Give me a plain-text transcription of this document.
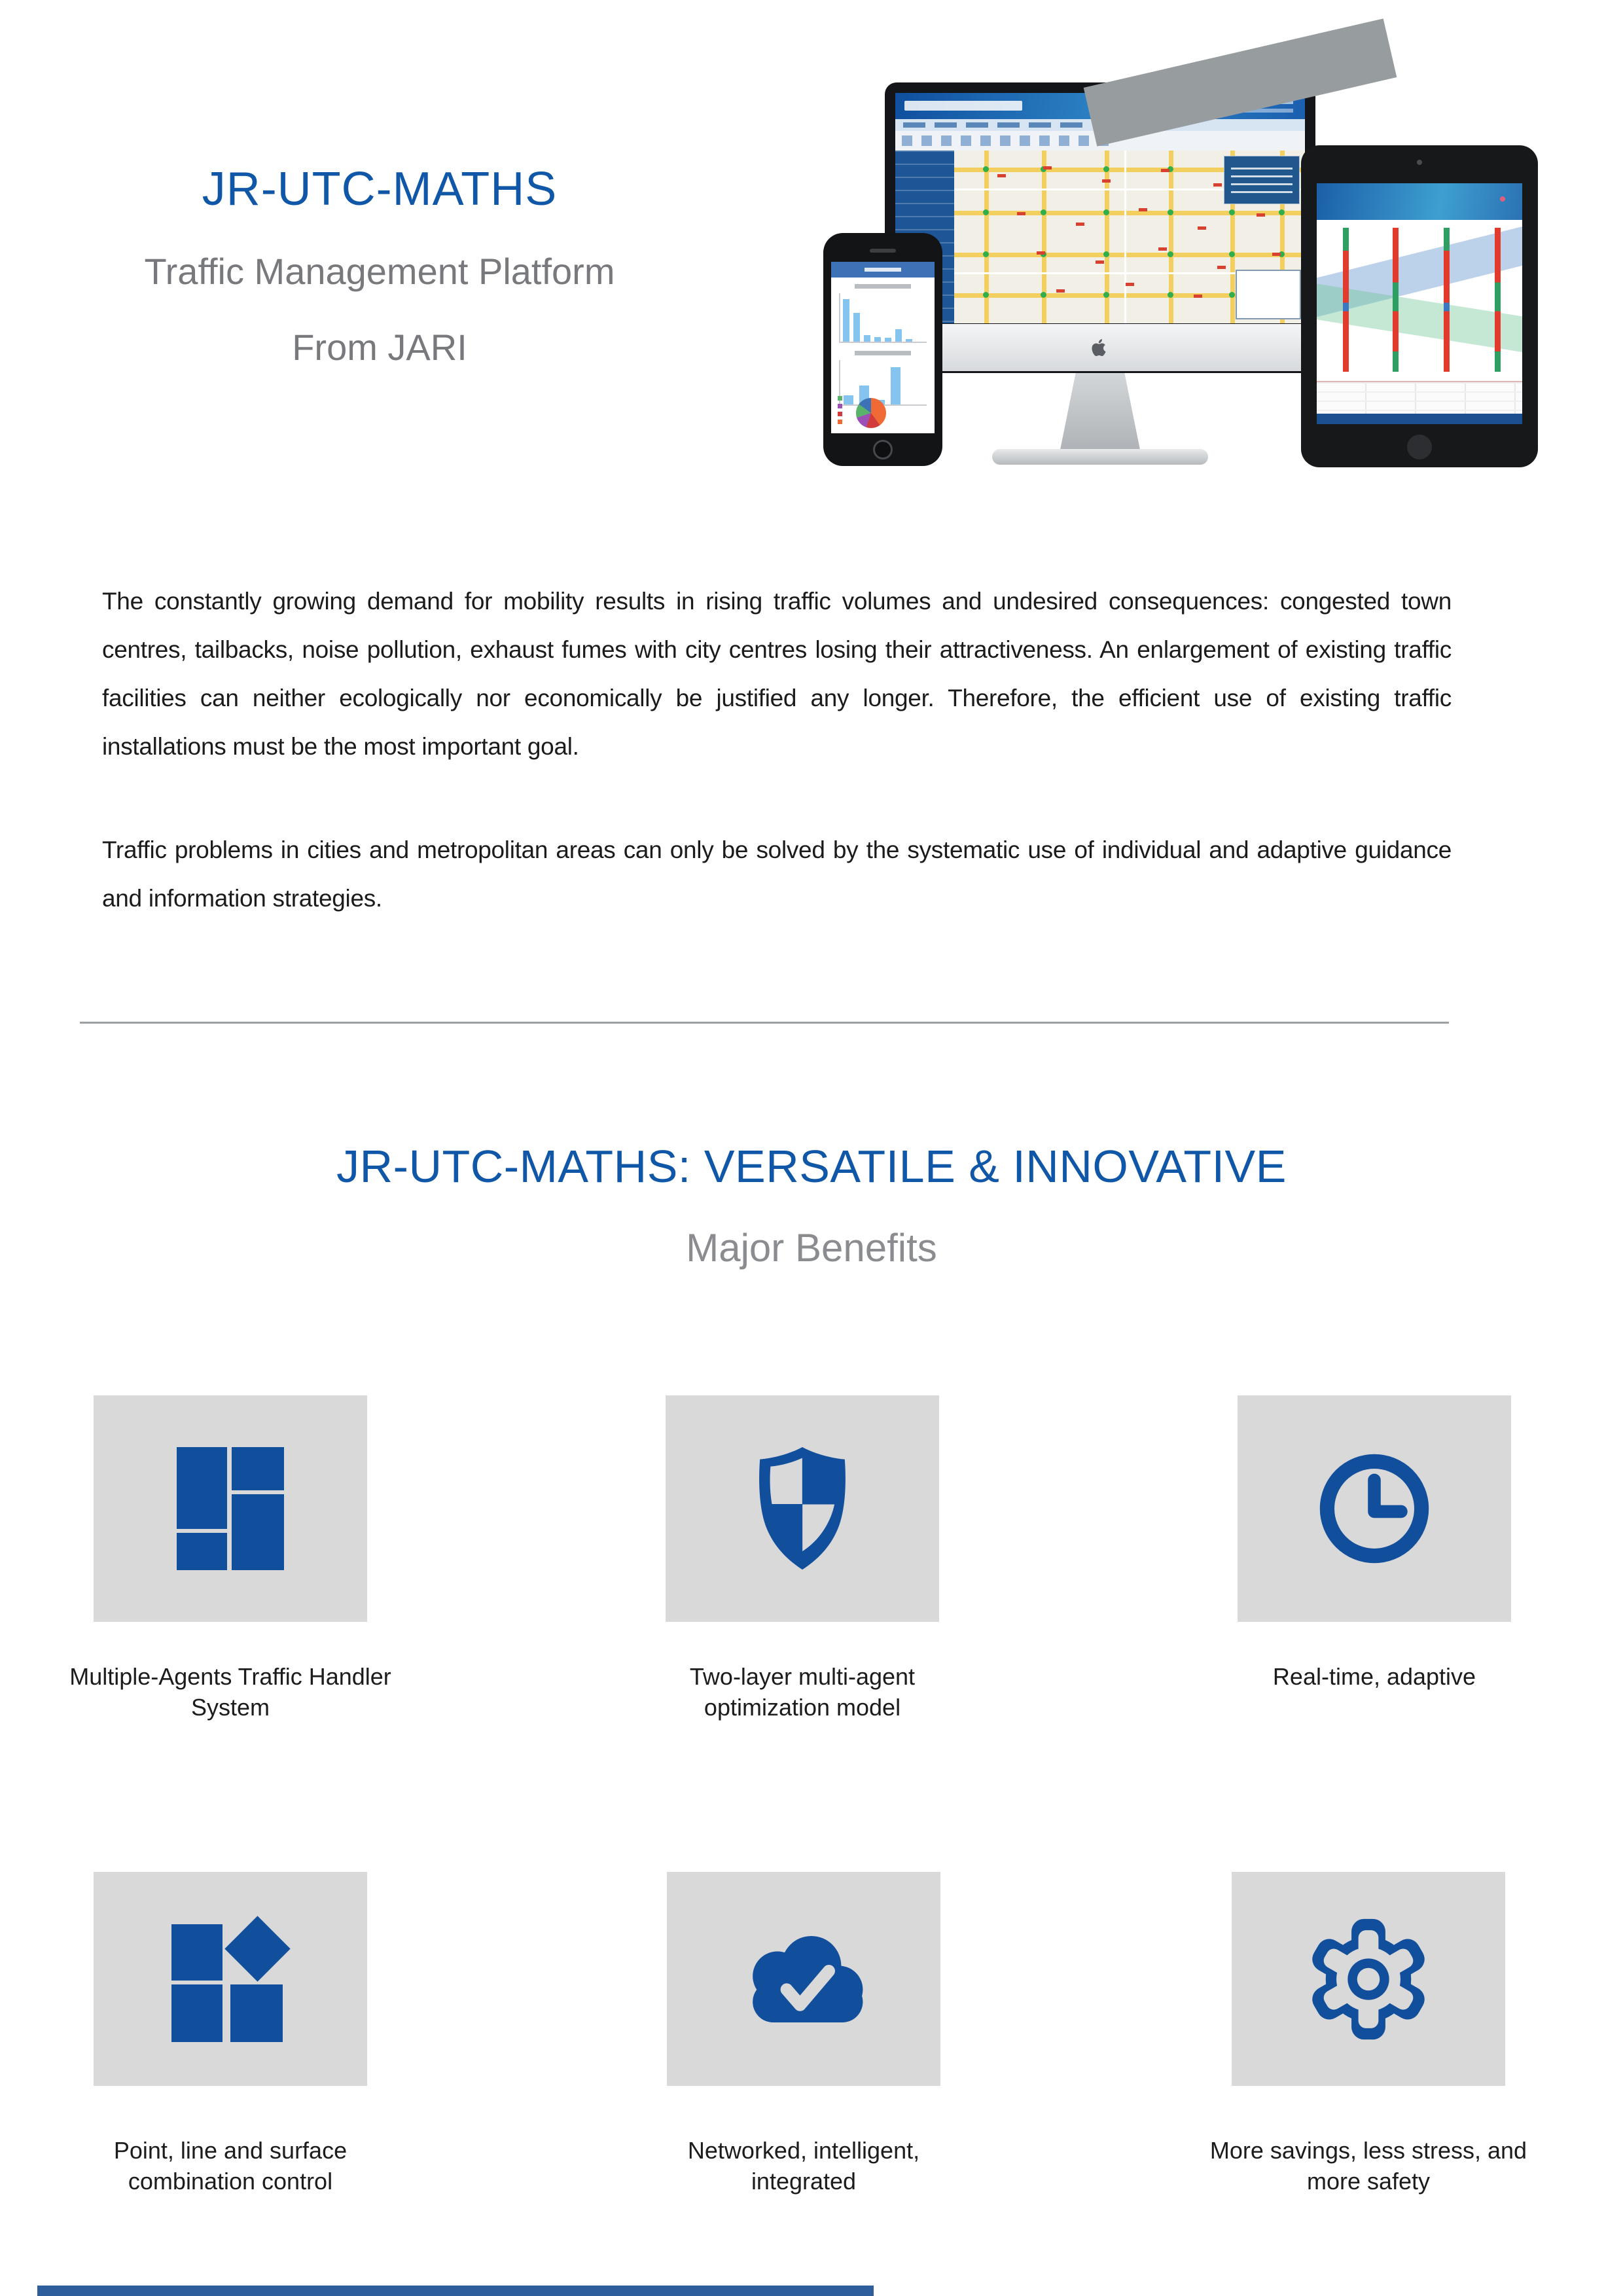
JR-UTC-MATHS
Traffic Management Platform
From JARI
The constantly growing demand for mobility results in rising traffic volumes and undesired consequences: congested town centres, tailbacks, noise pollution, exhaust fumes with city centres losing their attractiveness. An enlargement of existing traffic facilities can neither ecologically nor economically be justified any longer. Therefore, the efficient use of existing traffic installations must be the most important goal.
Traffic problems in cities and metropolitan areas can only be solved by the systematic use of individual and adaptive guidance and information strategies.
JR-UTC-MATHS: VERSATILE & INNOVATIVE
Major Benefits
Multiple-Agents Traffic Handler System
Two-layer multi-agent optimization model
Real-time, adaptive
Point, line and surface combination control
Networked, intelligent, integrated
More savings, less stress, and more safety
